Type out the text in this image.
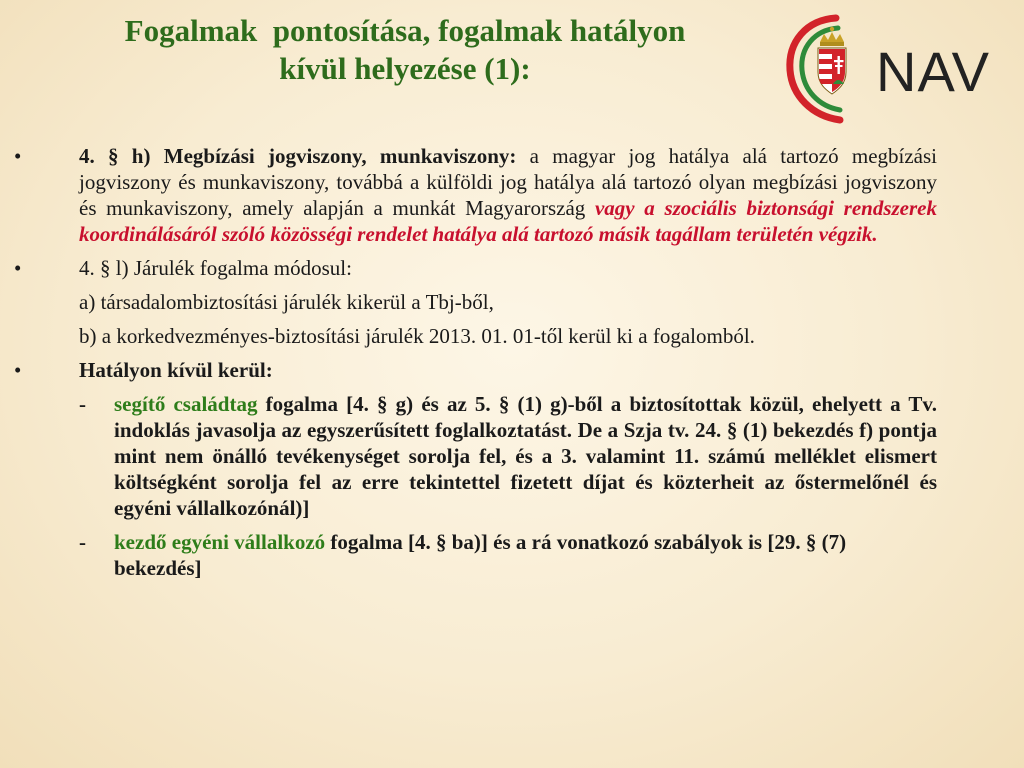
Fogalmak  pontosítása, fogalmak hatályon
kívül helyezése (1):	NAV

•	4. § h) Megbízási jogviszony, munkaviszony: a magyar jog hatálya alá tartozó megbízási jogviszony és munkaviszony, továbbá a külföldi jog hatálya alá tartozó olyan megbízási jogviszony és munkaviszony, amely alapján a munkát Magyarország vagy a szociális biztonsági rendszerek koordinálásáról szóló közösségi rendelet hatálya alá tartozó másik tagállam területén végzik.

•	4. § l) Járulék fogalma módosul:

a) társadalombiztosítási járulék kikerül a Tbj-ből,

b) a korkedvezményes-biztosítási járulék 2013. 01. 01-től kerül ki a fogalomból.

•	Hatályon kívül kerül:

- segítő családtag fogalma [4. § g) és az 5. § (1) g)-ből a biztosítottak közül, ehelyett a Tv. indoklás javasolja az egyszerűsített foglalkoztatást. De a Szja tv. 24. § (1) bekezdés f) pontja mint nem önálló tevékenységet sorolja fel, és a 3. valamint 11. számú melléklet elismert költségként sorolja fel az erre tekintettel fizetett díjat és közterheit az őstermelőnél és egyéni vállalkozónál)]

- kezdő egyéni vállalkozó fogalma [4. § ba)] és a rá vonatkozó szabályok is [29. § (7) bekezdés]
